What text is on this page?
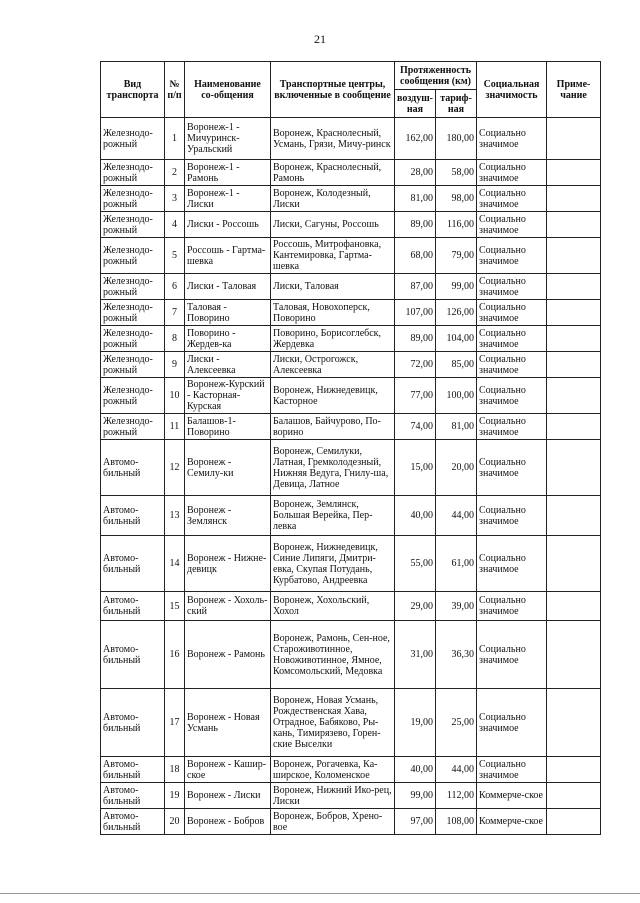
21
Вид транспорта	№ п/п	Наименование со-общения	Транспортные центры, включенные в сообщение	Протяженность сообщения (км)		Социальная значимость	Приме-чание
				воздуш-ная	тариф-ная		
Железнодо-рожный	1	Воронеж-1 - Мичуринск-Уральский	Воронеж, Краснолесный, Усмань, Грязи, Мичу-ринск	162,00	180,00	Социально значимое	
Железнодо-рожный	2	Воронеж-1 - Рамонь	Воронеж, Краснолесный, Рамонь	28,00	58,00	Социально значимое	
Железнодо-рожный	3	Воронеж-1 - Лиски	Воронеж, Колодезный, Лиски	81,00	98,00	Социально значимое	
Железнодо-рожный	4	Лиски - Россошь	Лиски, Сагуны, Россошь	89,00	116,00	Социально значимое	
Железнодо-рожный	5	Россошь - Гартма-шевка	Россошь, Митрофановка, Кантемировка, Гартма-шевка	68,00	79,00	Социально значимое	
Железнодо-рожный	6	Лиски - Таловая	Лиски, Таловая	87,00	99,00	Социально значимое	
Железнодо-рожный	7	Таловая - Поворино	Таловая, Новохоперск, Поворино	107,00	126,00	Социально значимое	
Железнодо-рожный	8	Поворино - Жердев-ка	Поворино, Борисоглебск, Жердевка	89,00	104,00	Социально значимое	
Железнодо-рожный	9	Лиски - Алексеевка	Лиски, Острогожск, Алексеевка	72,00	85,00	Социально значимое	
Железнодо-рожный	10	Воронеж-Курский - Касторная-Курская	Воронеж, Нижнедевицк, Касторное	77,00	100,00	Социально значимое	
Железнодо-рожный	11	Балашов-1- Поворино	Балашов, Байчурово, По-ворино	74,00	81,00	Социально значимое	
Автомо-бильный	12	Воронеж - Семилу-ки	Воронеж, Семилуки, Латная, Гремколодезный, Нижняя Ведуга, Гнилу-ша, Девица, Латное	15,00	20,00	Социально значимое	
Автомо-бильный	13	Воронеж - Землянск	Воронеж, Землянск, Большая Верейка, Пер-левка	40,00	44,00	Социально значимое	
Автомо-бильный	14	Воронеж - Нижне-девицк	Воронеж, Нижнедевицк, Синие Липяги, Дмитри-евка, Скупая Потудань, Курбатово, Андреевка	55,00	61,00	Социально значимое	
Автомо-бильный	15	Воронеж - Хохоль-ский	Воронеж, Хохольский, Хохол	29,00	39,00	Социально значимое	
Автомо-бильный	16	Воронеж - Рамонь	Воронеж, Рамонь, Сен-ное, Староживотинное, Новоживотинное, Ямное, Комсомольский, Медовка	31,00	36,30	Социально значимое	
Автомо-бильный	17	Воронеж - Новая Усмань	Воронеж, Новая Усмань, Рождественская Хава, Отрадное, Бабяково, Ры-кань, Тимирязево, Горен-ские Выселки	19,00	25,00	Социально значимое	
Автомо-бильный	18	Воронеж - Кашир-ское	Воронеж, Рогачевка, Ка-ширское, Коломенское	40,00	44,00	Социально значимое	
Автомо-бильный	19	Воронеж - Лиски	Воронеж, Нижний Ико-рец, Лиски	99,00	112,00	Коммерче-ское	
Автомо-бильный	20	Воронеж - Бобров	Воронеж, Бобров, Хрено-вое	97,00	108,00	Коммерче-ское	
